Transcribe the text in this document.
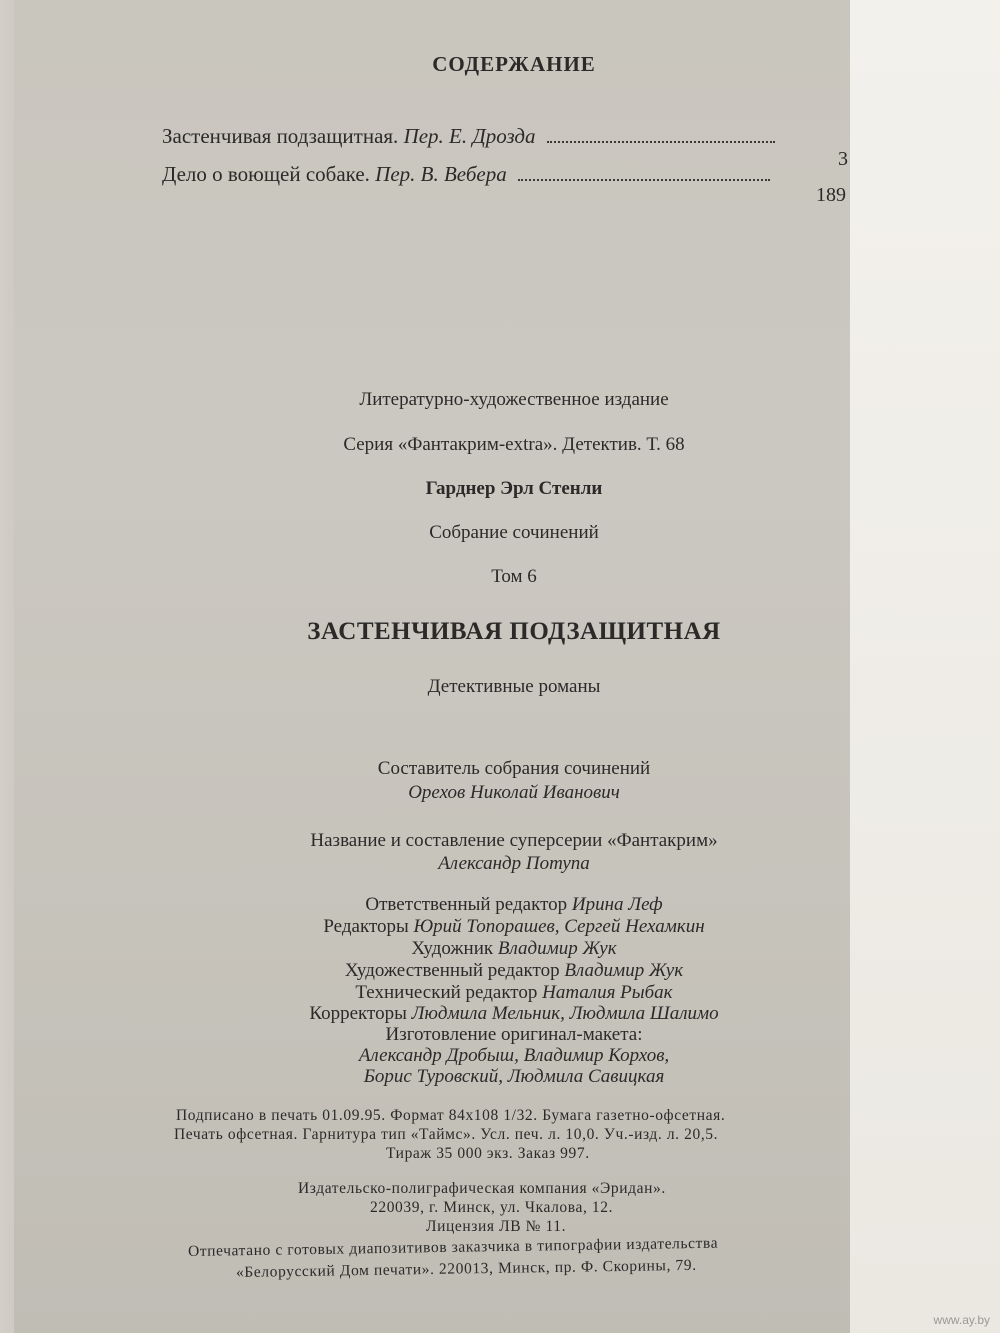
СОДЕРЖАНИЕ
Застенчивая подзащитная. Пер. Е. Дрозда
3
Дело о воющей собаке. Пер. В. Вебера
189
Литературно-художественное издание
Серия «Фантакрим-extra». Детектив. Т. 68
Гарднер Эрл Стенли
Собрание сочинений
Том 6
ЗАСТЕНЧИВАЯ ПОДЗАЩИТНАЯ
Детективные романы
Составитель собрания сочинений
Орехов Николай Иванович
Название и составление суперсерии «Фантакрим»
Александр Потупа
Ответственный редактор Ирина Леф
Редакторы Юрий Топорашев, Сергей Нехамкин
Художник Владимир Жук
Художественный редактор Владимир Жук
Технический редактор Наталия Рыбак
Корректоры Людмила Мельник, Людмила Шалимо
Изготовление оригинал-макета:
Александр Дробыш, Владимир Корхов,
Борис Туровский, Людмила Савицкая
Подписано в печать 01.09.95. Формат 84х108 1/32. Бумага газетно-офсетная.
Печать офсетная. Гарнитура тип «Таймс». Усл. печ. л. 10,0. Уч.-изд. л. 20,5.
Тираж 35 000 экз. Заказ 997.
Издательско-полиграфическая компания «Эридан».
220039, г. Минск, ул. Чкалова, 12.
Лицензия ЛВ № 11.
Отпечатано с готовых диапозитивов заказчика в типографии издательства
«Белорусский Дом печати». 220013, Минск, пр. Ф. Скорины, 79.
www.ay.by
